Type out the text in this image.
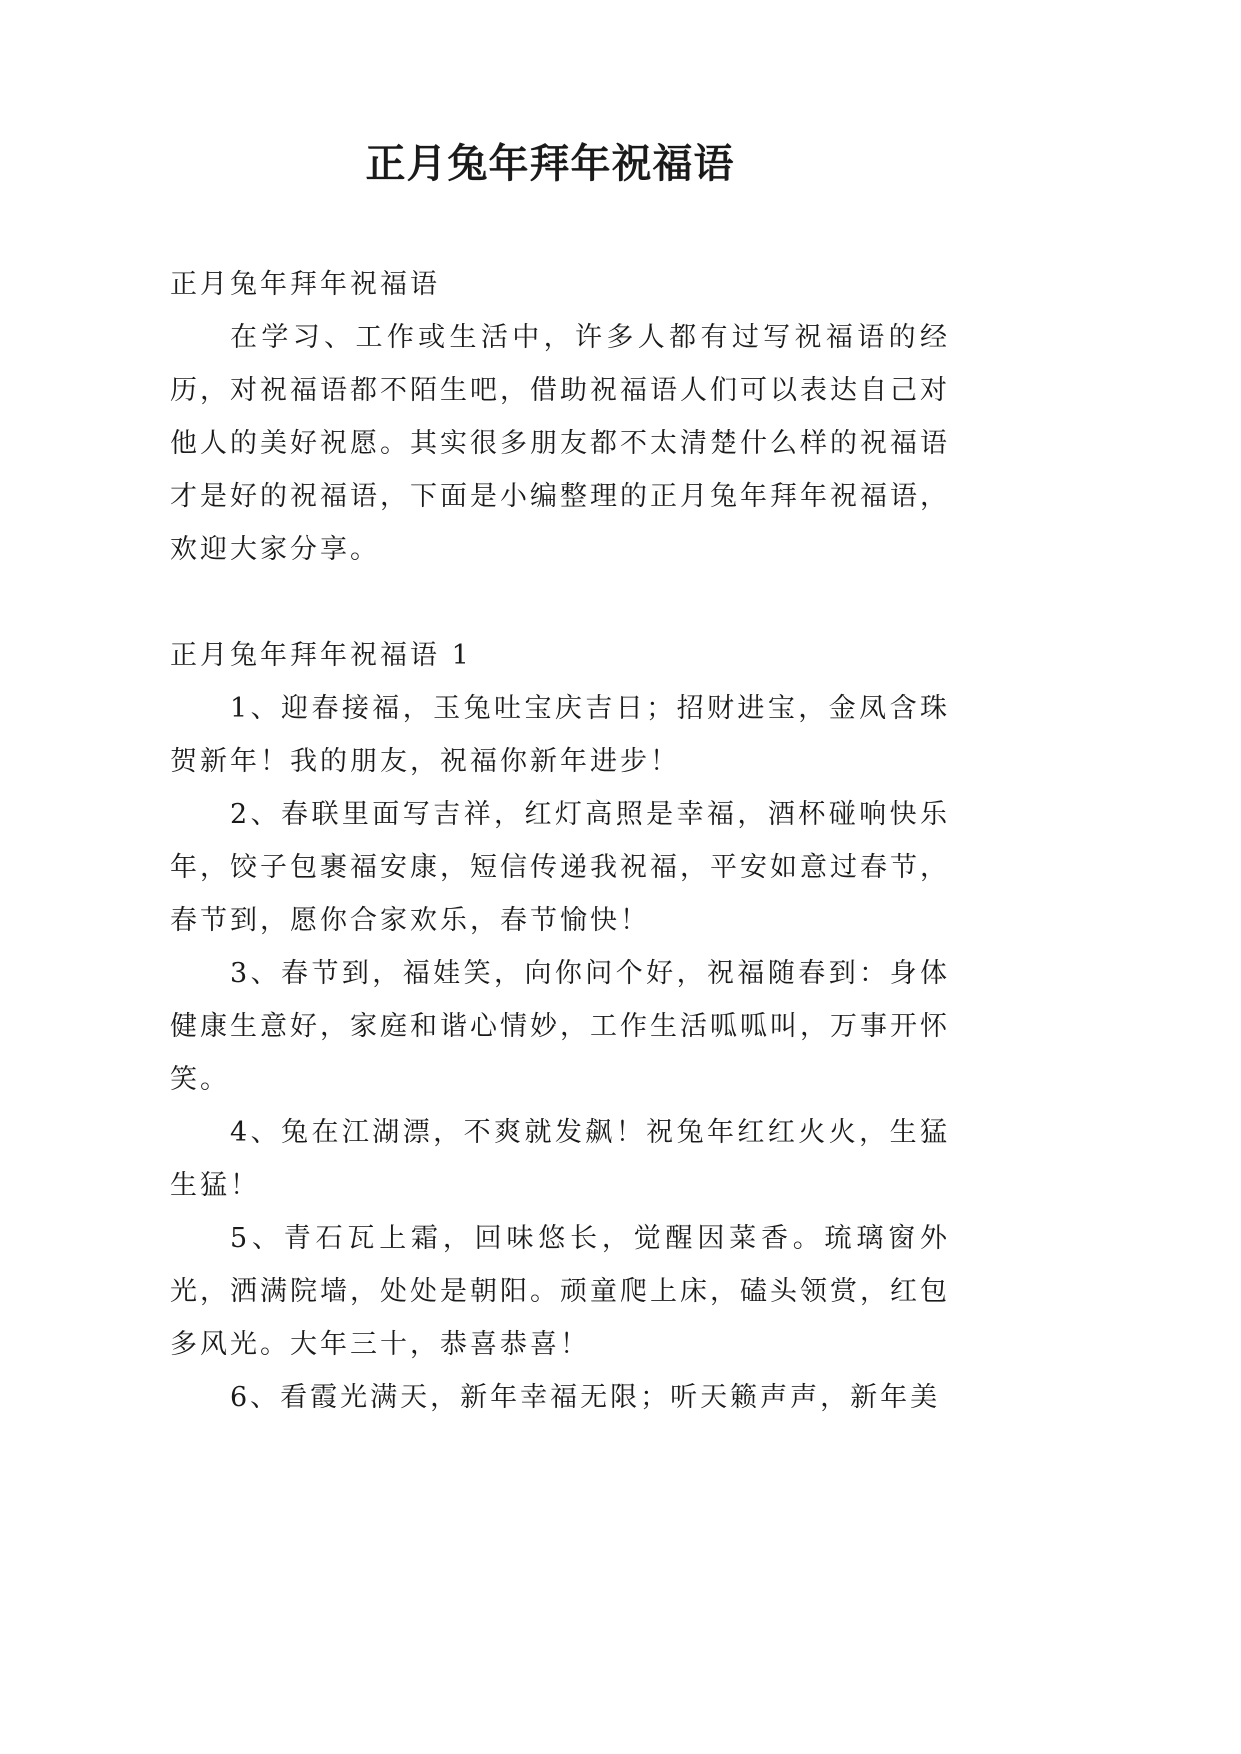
正月兔年拜年祝福语

正月兔年拜年祝福语

在学习、工作或生活中，许多人都有过写祝福语的经历，对祝福语都不陌生吧，借助祝福语人们可以表达自己对他人的美好祝愿。其实很多朋友都不太清楚什么样的祝福语才是好的祝福语，下面是小编整理的正月兔年拜年祝福语，欢迎大家分享。

正月兔年拜年祝福语 1

1、迎春接福，玉兔吐宝庆吉日；招财进宝，金凤含珠贺新年！我的朋友，祝福你新年进步！

2、春联里面写吉祥，红灯高照是幸福，酒杯碰响快乐年，饺子包裹福安康，短信传递我祝福，平安如意过春节，春节到，愿你合家欢乐，春节愉快！

3、春节到，福娃笑，向你问个好，祝福随春到：身体健康生意好，家庭和谐心情妙，工作生活呱呱叫，万事开怀笑。

4、兔在江湖漂，不爽就发飙！祝兔年红红火火，生猛生猛！

5、青石瓦上霜，回味悠长，觉醒因菜香。琉璃窗外光，洒满院墙，处处是朝阳。顽童爬上床，磕头领赏，红包多风光。大年三十，恭喜恭喜！

6、看霞光满天，新年幸福无限；听天籁声声，新年美
